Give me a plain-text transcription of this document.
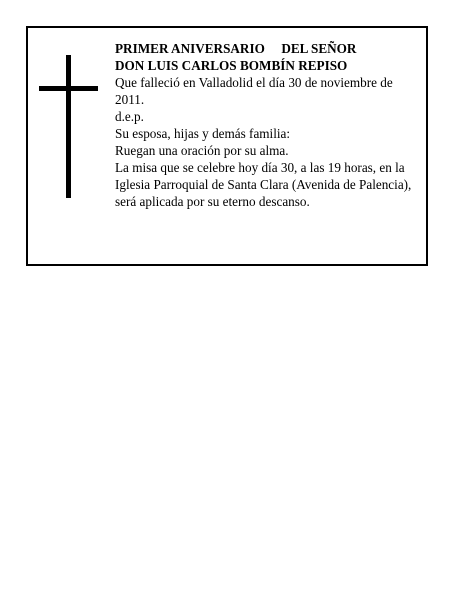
PRIMER ANIVERSARIO     DEL SEÑOR

DON LUIS CARLOS BOMBÍN REPISO

Que falleció en Valladolid el día 30 de noviembre de 2011.

d.e.p.

Su esposa, hijas y demás familia:

Ruegan una oración por su alma.

La misa que se celebre hoy día 30, a las 19 horas, en la Iglesia Parroquial de Santa Clara (Avenida de Palencia), será aplicada por su eterno descanso.
